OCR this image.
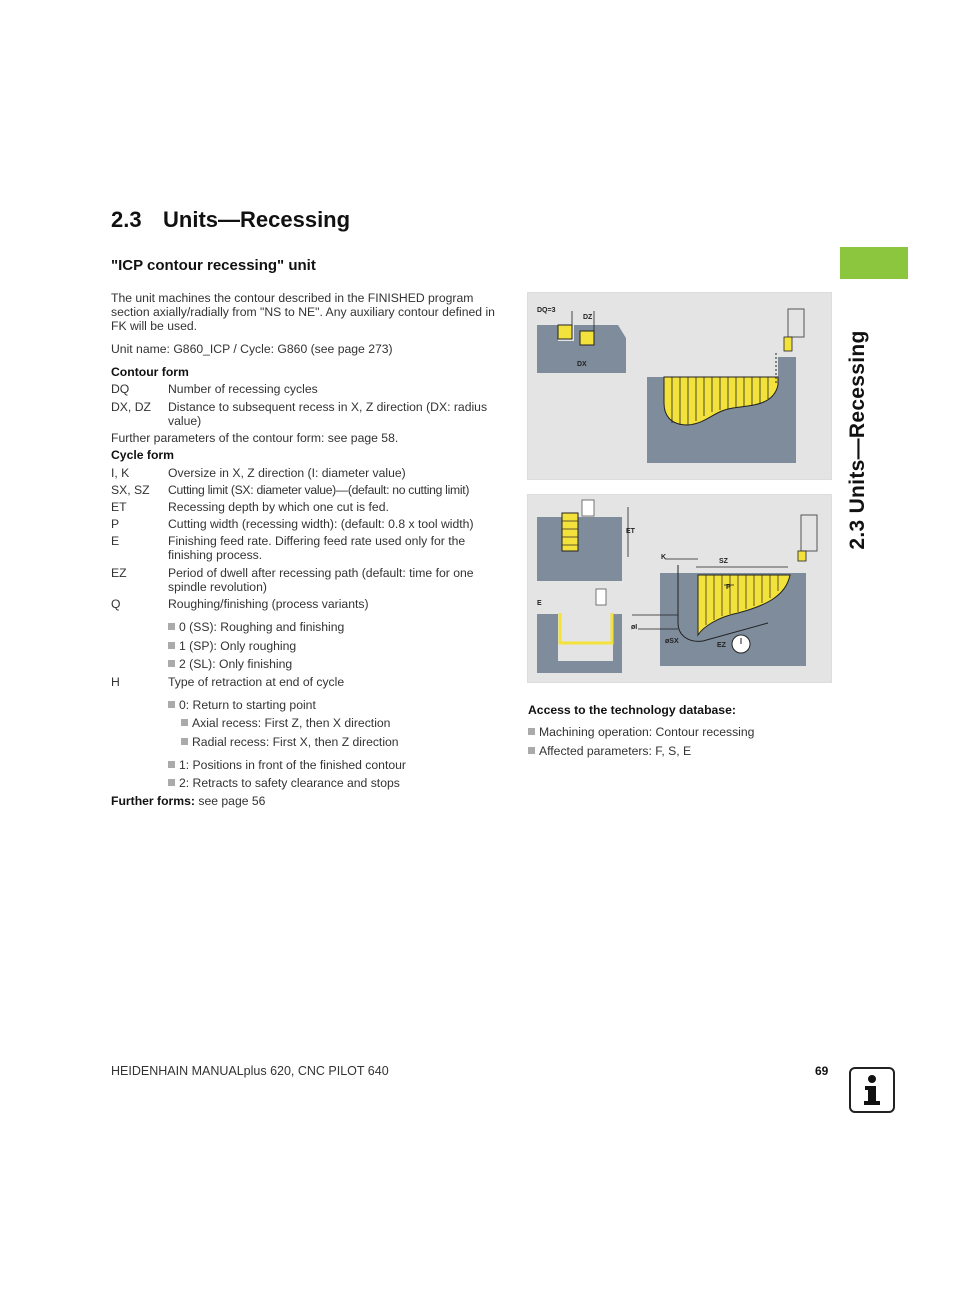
2.3 Units—Recessing
2.3 Units—Recessing
"ICP contour recessing" unit
The unit machines the contour described in the FINISHED program section axially/radially from "NS to NE". Any auxiliary contour defined in FK will be used.
Unit name: G860_ICP / Cycle: G860 (see page 273)
Contour form
DQ	Number of recessing cycles
DX, DZ	Distance to subsequent recess in X, Z direction (DX: radius value)
Further parameters of the contour form: see page 58.
Cycle form
I, K	Oversize in X, Z direction (I: diameter value)
SX, SZ	Cutting limit (SX: diameter value)—(default: no cutting limit)
ET	Recessing depth by which one cut is fed.
P	Cutting width (recessing width): (default: 0.8 x tool width)
E	Finishing feed rate. Differing feed rate used only for the finishing process.
EZ	Period of dwell after recessing path (default: time for one spindle revolution)
Q	Roughing/finishing (process variants)
0 (SS): Roughing and finishing
1 (SP): Only roughing
2 (SL): Only finishing
H	Type of retraction at end of cycle
0: Return to starting point
Axial recess: First Z, then X direction
Radial recess: First X, then Z direction
1: Positions in front of the finished contour
2: Retracts to safety clearance and stops
Further forms: see page 56
DQ=3
DZ
DX
ET
E
K
SZ
P
øI
øSX
EZ
Access to the technology database:
Machining operation: Contour recessing
Affected parameters: F, S, E
HEIDENHAIN MANUALplus 620, CNC PILOT 640	69
